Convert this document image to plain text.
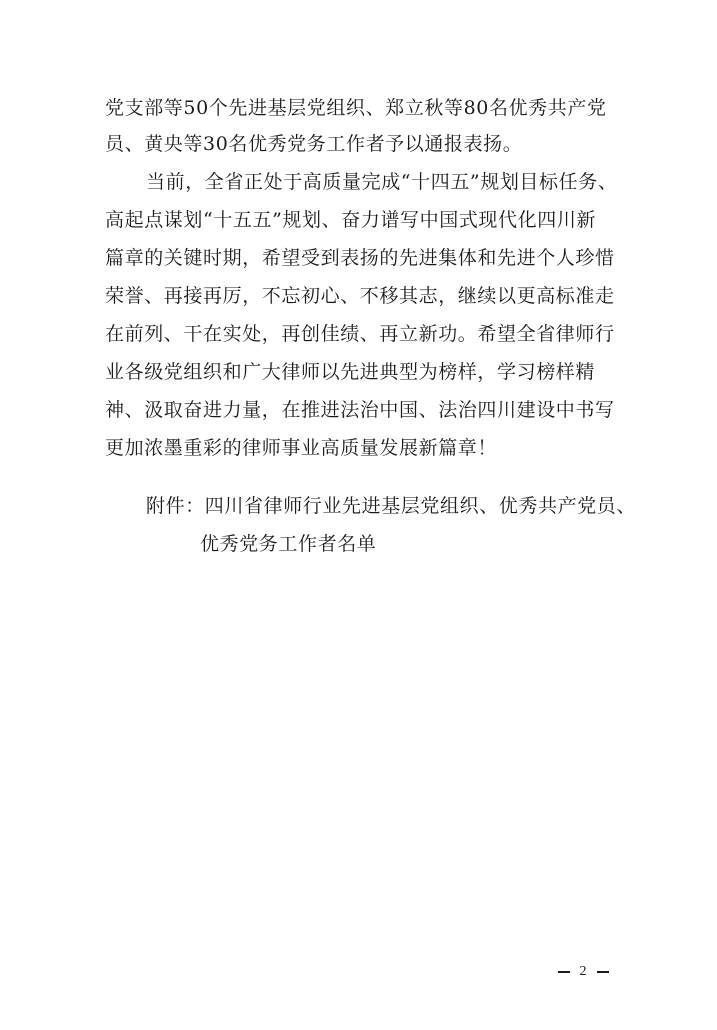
党支部等50个先进基层党组织、郑立秋等80名优秀共产党
员、黄央等30名优秀党务工作者予以通报表扬。
当前，全省正处于高质量完成“十四五”规划目标任务、
高起点谋划“十五五”规划、奋力谱写中国式现代化四川新
篇章的关键时期，希望受到表扬的先进集体和先进个人珍惜
荣誉、再接再厉，不忘初心、不移其志，继续以更高标准走
在前列、干在实处，再创佳绩、再立新功。希望全省律师行
业各级党组织和广大律师以先进典型为榜样，学习榜样精
神、汲取奋进力量，在推进法治中国、法治四川建设中书写
更加浓墨重彩的律师事业高质量发展新篇章！
附件：四川省律师行业先进基层党组织、优秀共产党员、
优秀党务工作者名单
2
